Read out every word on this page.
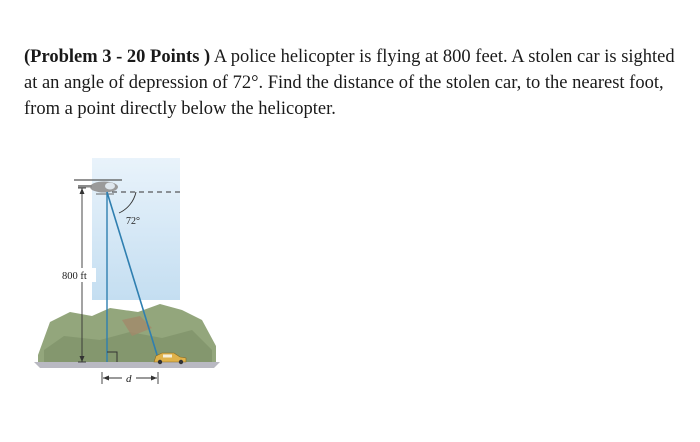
(Problem 3 - 20 Points ) A police helicopter is flying at 800 feet. A stolen car is sighted at an angle of depression of 72°. Find the distance of the stolen car, to the nearest foot, from a point directly below the helicopter.

72°
800 ft
d
